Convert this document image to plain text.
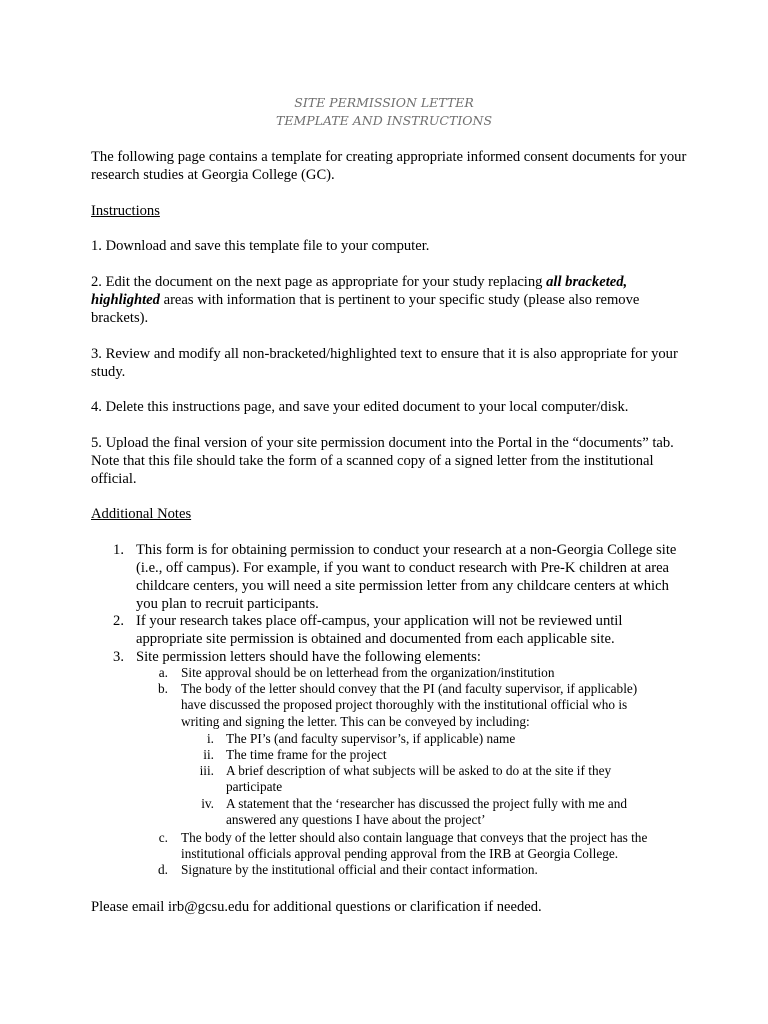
SITE PERMISSION LETTER
TEMPLATE AND INSTRUCTIONS

The following page contains a template for creating appropriate informed consent documents for your research studies at Georgia College (GC).

Instructions

1. Download and save this template file to your computer.

2. Edit the document on the next page as appropriate for your study replacing all bracketed, highlighted areas with information that is pertinent to your specific study (please also remove brackets).

3. Review and modify all non-bracketed/highlighted text to ensure that it is also appropriate for your study.

4. Delete this instructions page, and save your edited document to your local computer/disk.

5. Upload the final version of your site permission document into the Portal in the “documents” tab. Note that this file should take the form of a scanned copy of a signed letter from the institutional official.

Additional Notes

1. This form is for obtaining permission to conduct your research at a non-Georgia College site (i.e., off campus). For example, if you want to conduct research with Pre-K children at area childcare centers, you will need a site permission letter from any childcare centers at which you plan to recruit participants.
2. If your research takes place off-campus, your application will not be reviewed until appropriate site permission is obtained and documented from each applicable site.
3. Site permission letters should have the following elements:
a. Site approval should be on letterhead from the organization/institution
b. The body of the letter should convey that the PI (and faculty supervisor, if applicable) have discussed the proposed project thoroughly with the institutional official who is writing and signing the letter. This can be conveyed by including:
i. The PI’s (and faculty supervisor’s, if applicable) name
ii. The time frame for the project
iii. A brief description of what subjects will be asked to do at the site if they participate
iv. A statement that the ‘researcher has discussed the project fully with me and answered any questions I have about the project’
c. The body of the letter should also contain language that conveys that the project has the institutional officials approval pending approval from the IRB at Georgia College.
d. Signature by the institutional official and their contact information.

Please email irb@gcsu.edu for additional questions or clarification if needed.
